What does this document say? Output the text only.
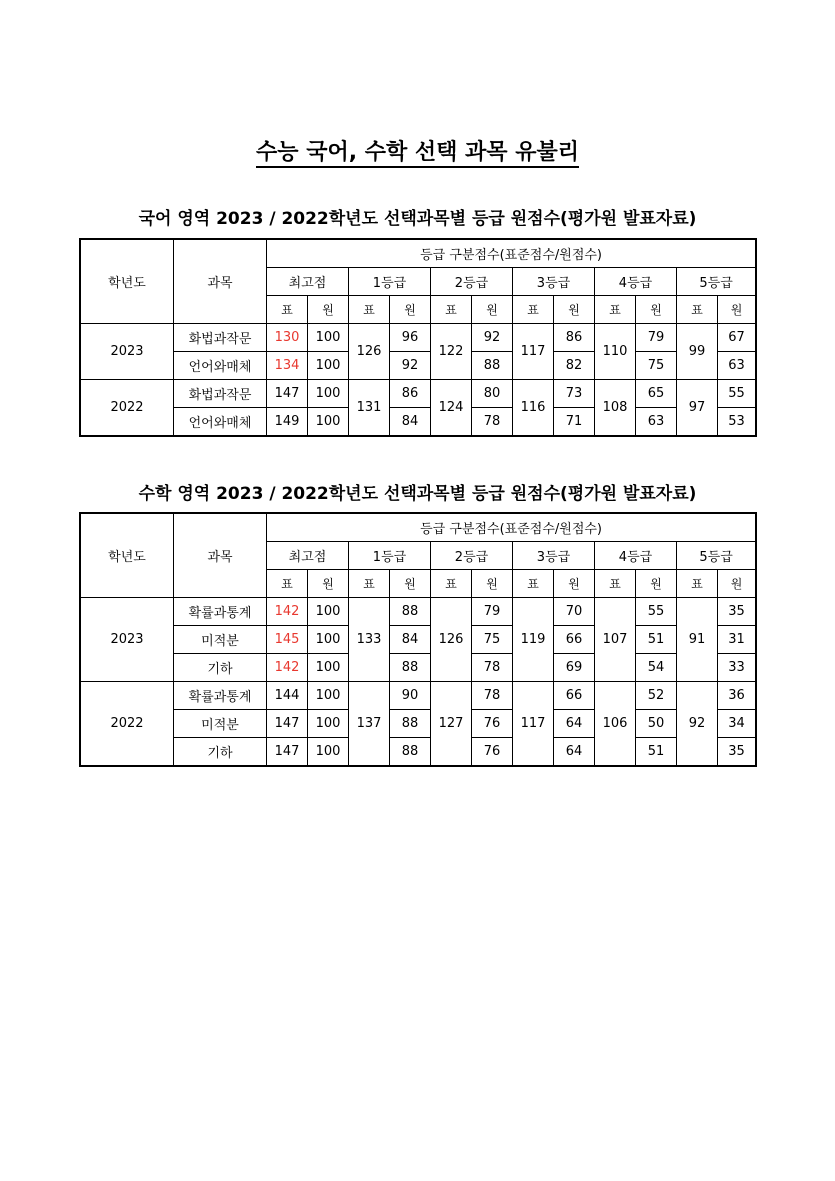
수능 국어, 수학 선택 과목 유불리
국어 영역 2023 / 2022학년도 선택과목별 등급 원점수(평가원 발표자료)
학년도	과목	등급 구분점수(표준점수/원점수)											
		최고점		1등급		2등급		3등급		4등급		5등급	
		표	원	표	원	표	원	표	원	표	원	표	원
2023	화법과작문	130	100	126	96	122	92	117	86	110	79	99	67
	언어와매체	134	100		92		88		82		75		63
2022	화법과작문	147	100	131	86	124	80	116	73	108	65	97	55
	언어와매체	149	100		84		78		71		63		53
수학 영역 2023 / 2022학년도 선택과목별 등급 원점수(평가원 발표자료)
학년도	과목	등급 구분점수(표준점수/원점수)											
		최고점		1등급		2등급		3등급		4등급		5등급	
		표	원	표	원	표	원	표	원	표	원	표	원
2023	확률과통계	142	100	133	88	126	79	119	70	107	55	91	35
	미적분	145	100		84		75		66		51		31
	기하	142	100		88		78		69		54		33
2022	확률과통계	144	100	137	90	127	78	117	66	106	52	92	36
	미적분	147	100		88		76		64		50		34
	기하	147	100		88		76		64		51		35
